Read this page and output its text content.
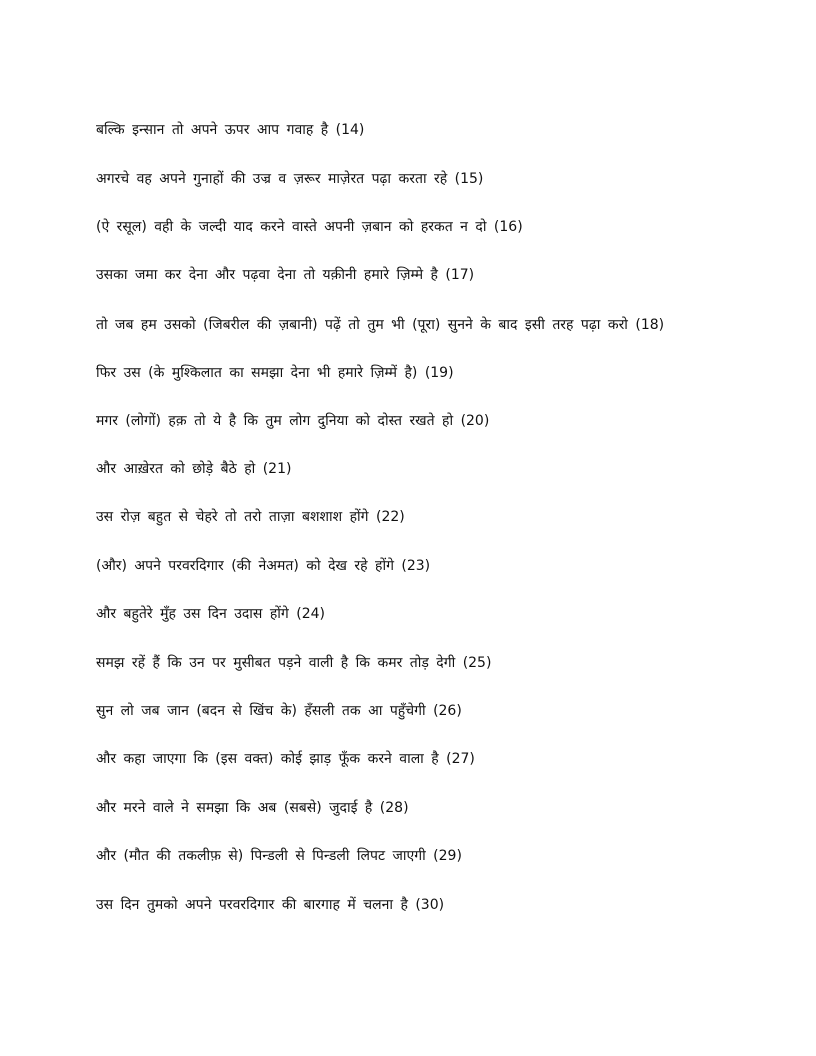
बल्कि इन्सान तो अपने ऊपर आप गवाह है (14)
अगरचे वह अपने गुनाहों की उज्र व ज़रूर माज़ेरत पढ़ा करता रहे (15)
(ऐ रसूल) वही के जल्दी याद करने वास्ते अपनी ज़बान को हरकत न दो (16)
उसका जमा कर देना और पढ़वा देना तो यक़ीनी हमारे ज़िम्मे है (17)
तो जब हम उसको (जिबरील की ज़बानी) पढ़ें तो तुम भी (पूरा) सुनने के बाद इसी तरह पढ़ा करो (18)
फिर उस (के मुश्किलात का समझा देना भी हमारे ज़िम्में है) (19)
मगर (लोगों) हक़ तो ये है कि तुम लोग दुनिया को दोस्त रखते हो (20)
और आख़ेरत को छोड़े बैठे हो (21)
उस रोज़ बहुत से चेहरे तो तरो ताज़ा बशशाश होंगे (22)
(और) अपने परवरदिगार (की नेअमत) को देख रहे होंगे (23)
और बहुतेरे मुँह उस दिन उदास होंगे (24)
समझ रहें हैं कि उन पर मुसीबत पड़ने वाली है कि कमर तोड़ देगी (25)
सुन लो जब जान (बदन से खिंच के) हँसली तक आ पहुँचेगी (26)
और कहा जाएगा कि (इस वक्त) कोई झाड़ फूँक करने वाला है (27)
और मरने वाले ने समझा कि अब (सबसे) जुदाई है (28)
और (मौत की तकलीफ़ से) पिन्डली से पिन्डली लिपट जाएगी (29)
उस दिन तुमको अपने परवरदिगार की बारगाह में चलना है (30)
